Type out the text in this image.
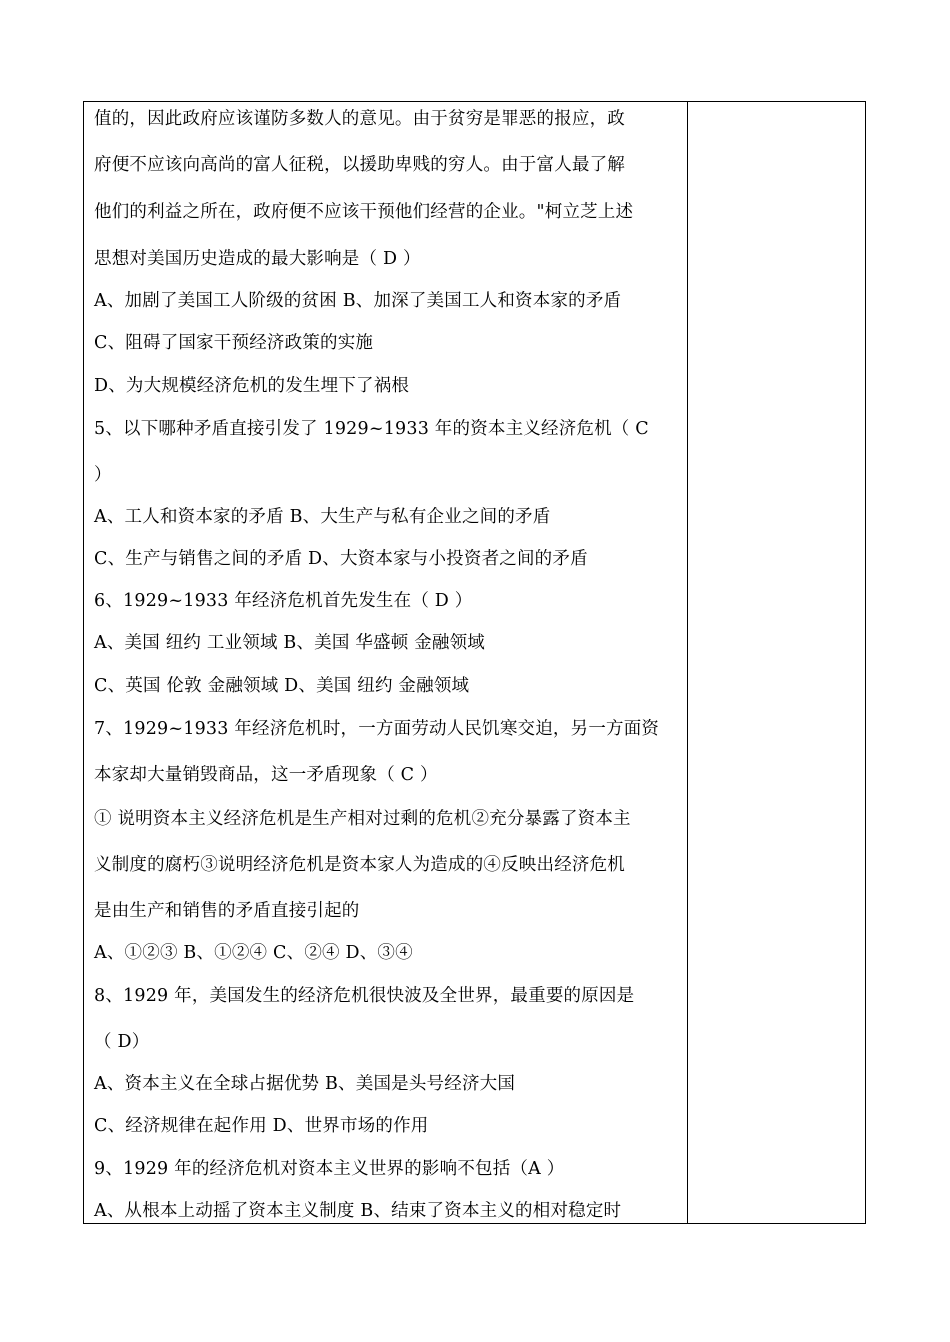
值的，因此政府应该谨防多数人的意见。由于贫穷是罪恶的报应，政
府便不应该向高尚的富人征税，以援助卑贱的穷人。由于富人最了解
他们的利益之所在，政府便不应该干预他们经营的企业。"柯立芝上述
思想对美国历史造成的最大影响是（ D ）
A、加剧了美国工人阶级的贫困 B、加深了美国工人和资本家的矛盾
C、阻碍了国家干预经济政策的实施
D、为大规模经济危机的发生埋下了祸根
5、以下哪种矛盾直接引发了 1929~1933 年的资本主义经济危机（ C
）
A、工人和资本家的矛盾 B、大生产与私有企业之间的矛盾
C、生产与销售之间的矛盾 D、大资本家与小投资者之间的矛盾
6、1929~1933 年经济危机首先发生在（ D ）
A、美国 纽约 工业领域 B、美国 华盛顿 金融领域
C、英国 伦敦 金融领域 D、美国 纽约 金融领域
7、1929~1933 年经济危机时，一方面劳动人民饥寒交迫，另一方面资
本家却大量销毁商品，这一矛盾现象（ C ）
① 说明资本主义经济危机是生产相对过剩的危机②充分暴露了资本主
义制度的腐朽③说明经济危机是资本家人为造成的④反映出经济危机
是由生产和销售的矛盾直接引起的
A、①②③ B、①②④ C、②④ D、③④
8、1929 年，美国发生的经济危机很快波及全世界，最重要的原因是
（ D）
A、资本主义在全球占据优势 B、美国是头号经济大国
C、经济规律在起作用 D、世界市场的作用
9、1929 年的经济危机对资本主义世界的影响不包括（A ）
A、从根本上动摇了资本主义制度 B、结束了资本主义的相对稳定时
